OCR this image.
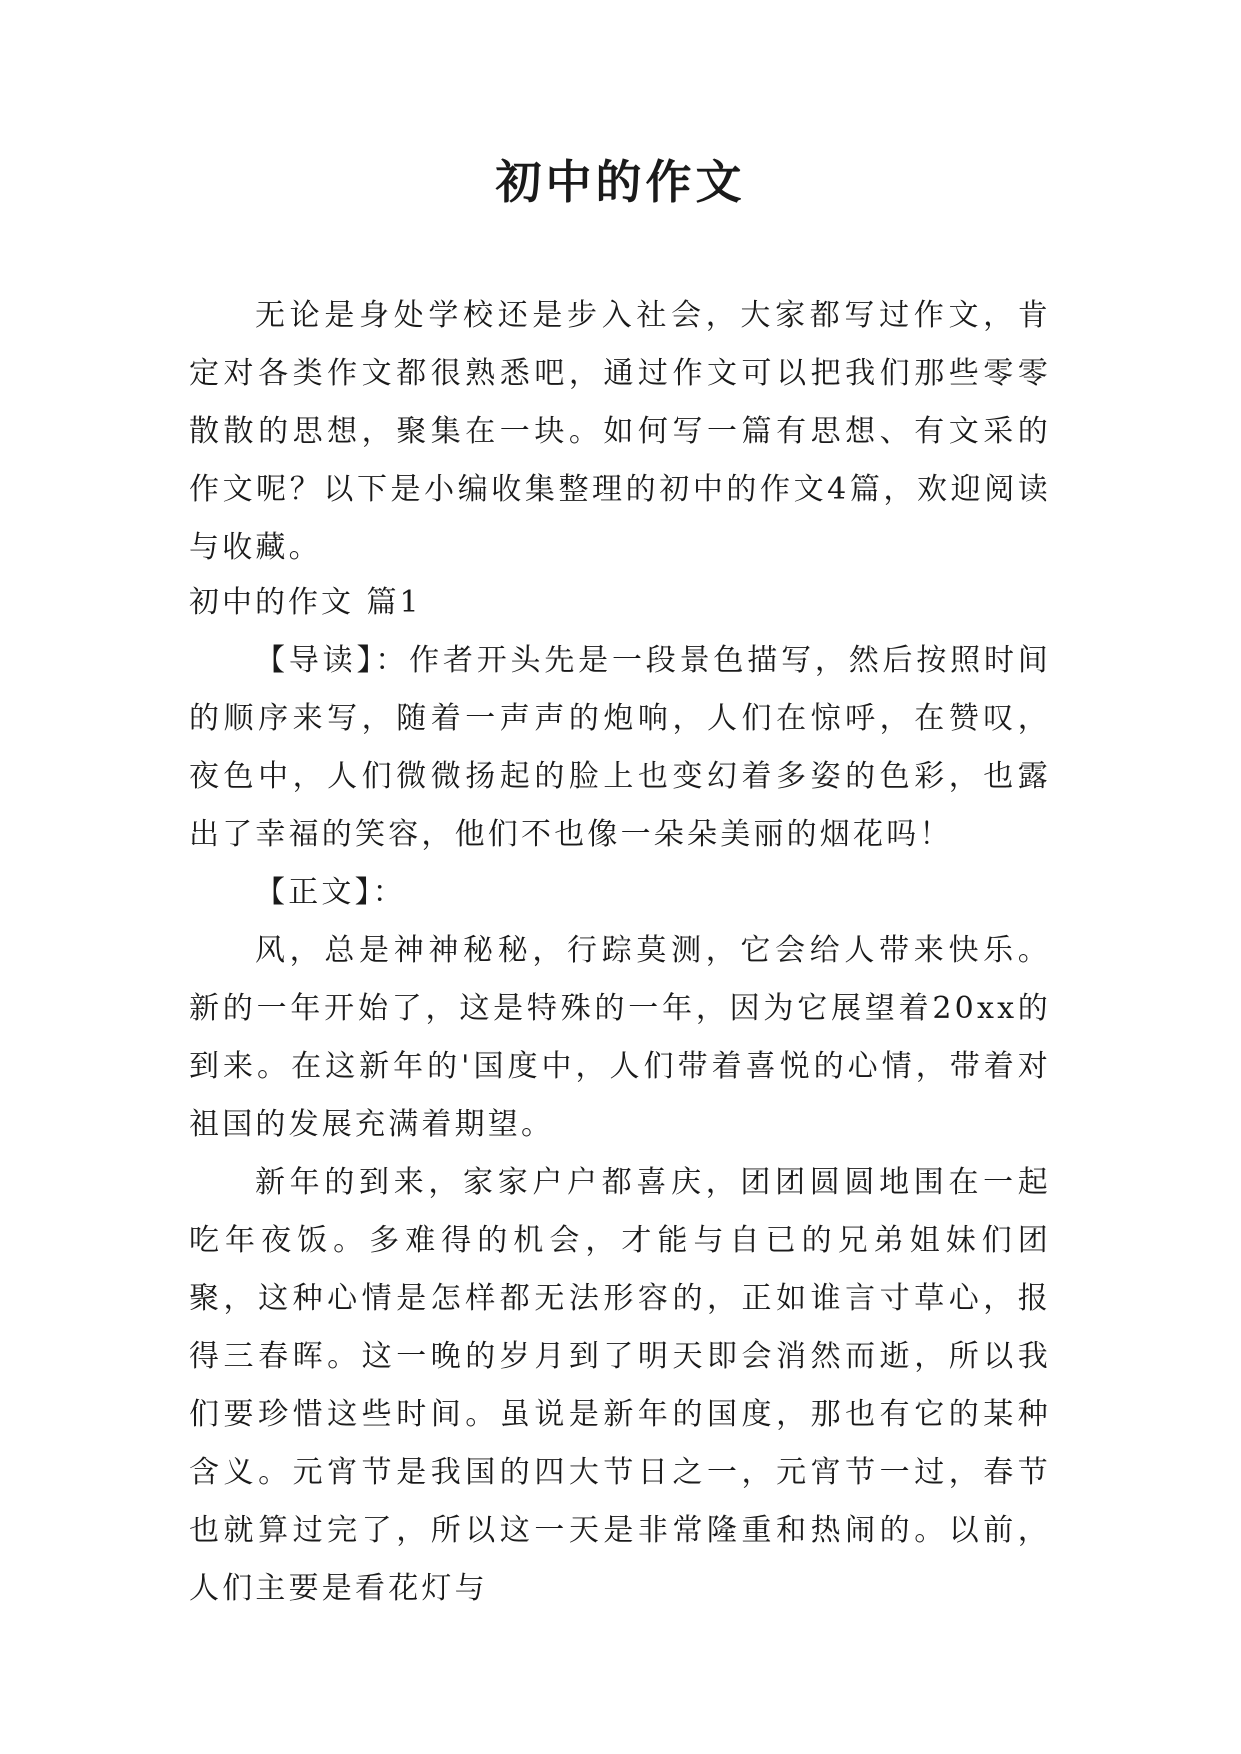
初中的作文

无论是身处学校还是步入社会，大家都写过作文，肯定对各类作文都很熟悉吧，通过作文可以把我们那些零零散散的思想，聚集在一块。如何写一篇有思想、有文采的作文呢？以下是小编收集整理的初中的作文4篇，欢迎阅读与收藏。

初中的作文 篇1

【导读】：作者开头先是一段景色描写，然后按照时间的顺序来写，随着一声声的炮响，人们在惊呼，在赞叹，夜色中，人们微微扬起的脸上也变幻着多姿的色彩，也露出了幸福的笑容，他们不也像一朵朵美丽的烟花吗！

【正文】：

风，总是神神秘秘，行踪莫测，它会给人带来快乐。新的一年开始了，这是特殊的一年，因为它展望着20xx的到来。在这新年的'国度中，人们带着喜悦的心情，带着对祖国的发展充满着期望。

新年的到来，家家户户都喜庆，团团圆圆地围在一起吃年夜饭。多难得的机会，才能与自已的兄弟姐妹们团聚，这种心情是怎样都无法形容的，正如谁言寸草心，报得三春晖。这一晚的岁月到了明天即会消然而逝，所以我们要珍惜这些时间。虽说是新年的国度，那也有它的某种含义。元宵节是我国的四大节日之一，元宵节一过，春节也就算过完了，所以这一天是非常隆重和热闹的。以前，人们主要是看花灯与
